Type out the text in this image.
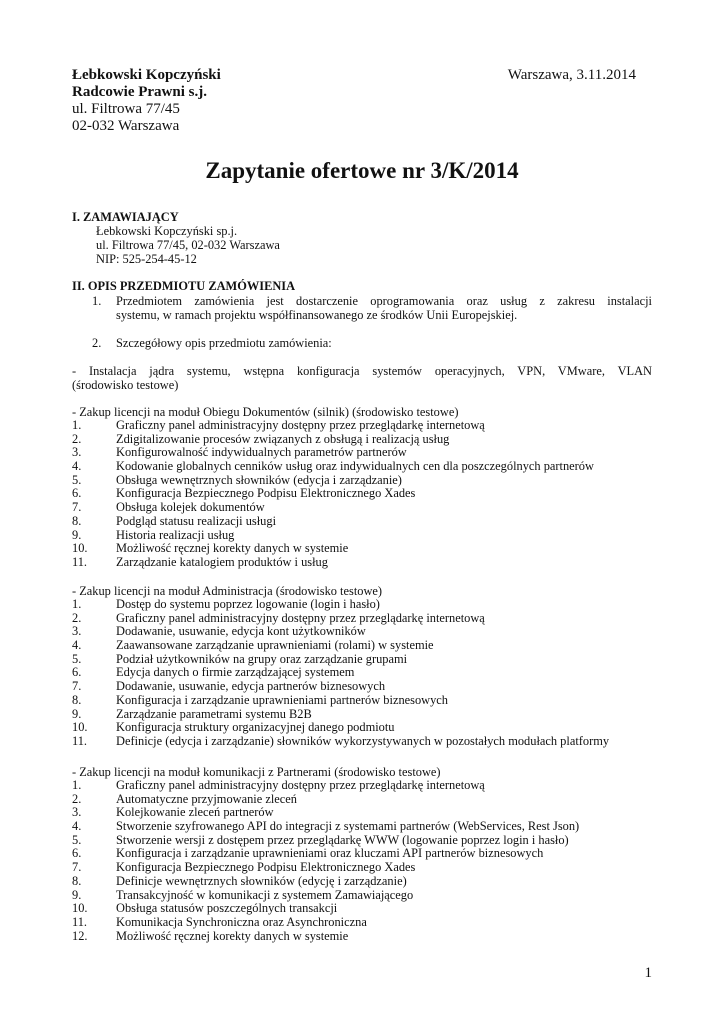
Łebkowski Kopczyński
Radcowie Prawni s.j.
ul. Filtrowa 77/45
02-032 Warszawa
Warszawa, 3.11.2014
Zapytanie ofertowe nr 3/K/2014
I. ZAMAWIAJĄCY
Łebkowski Kopczyński sp.j.
ul. Filtrowa 77/45, 02-032 Warszawa
NIP: 525-254-45-12
II. OPIS PRZEDMIOTU ZAMÓWIENIA
1. Przedmiotem zamówienia jest dostarczenie oprogramowania oraz usług z zakresu instalacji
systemu, w ramach projektu współfinansowanego ze środków Unii Europejskiej.
2. Szczegółowy opis przedmiotu zamówienia:
- Instalacja jądra systemu, wstępna konfiguracja systemów operacyjnych, VPN, VMware, VLAN
(środowisko testowe)
- Zakup licencji na moduł Obiegu Dokumentów (silnik) (środowisko testowe)
1.	Graficzny panel administracyjny dostępny przez przeglądarkę internetową
2.	Zdigitalizowanie procesów związanych z obsługą i realizacją usług
3.	Konfigurowalność indywidualnych parametrów partnerów
4.	Kodowanie globalnych cenników usług oraz indywidualnych cen dla poszczególnych partnerów
5.	Obsługa wewnętrznych słowników (edycja i zarządzanie)
6.	Konfiguracja Bezpiecznego Podpisu Elektronicznego Xades
7.	Obsługa kolejek dokumentów
8.	Podgląd statusu realizacji usługi
9.	Historia realizacji usług
10. Możliwość ręcznej korekty danych w systemie
11. Zarządzanie katalogiem produktów i usług
- Zakup licencji na moduł Administracja (środowisko testowe)
1.	Dostęp do systemu poprzez logowanie (login i hasło)
2.	Graficzny panel administracyjny dostępny przez przeglądarkę internetową
3.	Dodawanie, usuwanie, edycja kont użytkowników
4.	Zaawansowane zarządzanie uprawnieniami (rolami) w systemie
5.	Podział użytkowników na grupy oraz zarządzanie grupami
6.	Edycja danych o firmie zarządzającej systemem
7.	Dodawanie, usuwanie, edycja partnerów biznesowych
8.	Konfiguracja i zarządzanie uprawnieniami partnerów biznesowych
9.	Zarządzanie parametrami systemu B2B
10. Konfiguracja struktury organizacyjnej danego podmiotu
11. Definicje (edycja i zarządzanie) słowników wykorzystywanych w pozostałych modułach platformy
- Zakup licencji na moduł komunikacji z Partnerami (środowisko testowe)
1.	Graficzny panel administracyjny dostępny przez przeglądarkę internetową
2.	Automatyczne przyjmowanie zleceń
3.	Kolejkowanie zleceń partnerów
4.	Stworzenie szyfrowanego API do integracji z systemami partnerów (WebServices, Rest Json)
5.	Stworzenie wersji z dostępem przez przeglądarkę WWW (logowanie poprzez login i hasło)
6.	Konfiguracja i zarządzanie uprawnieniami oraz kluczami API partnerów biznesowych
7.	Konfiguracja Bezpiecznego Podpisu Elektronicznego Xades
8.	Definicje wewnętrznych słowników (edycję i zarządzanie)
9.	Transakcyjność w komunikacji z systemem Zamawiającego
10. Obsługa statusów poszczególnych transakcji
11. Komunikacja Synchroniczna oraz Asynchroniczna
12. Możliwość ręcznej korekty danych w systemie
1
